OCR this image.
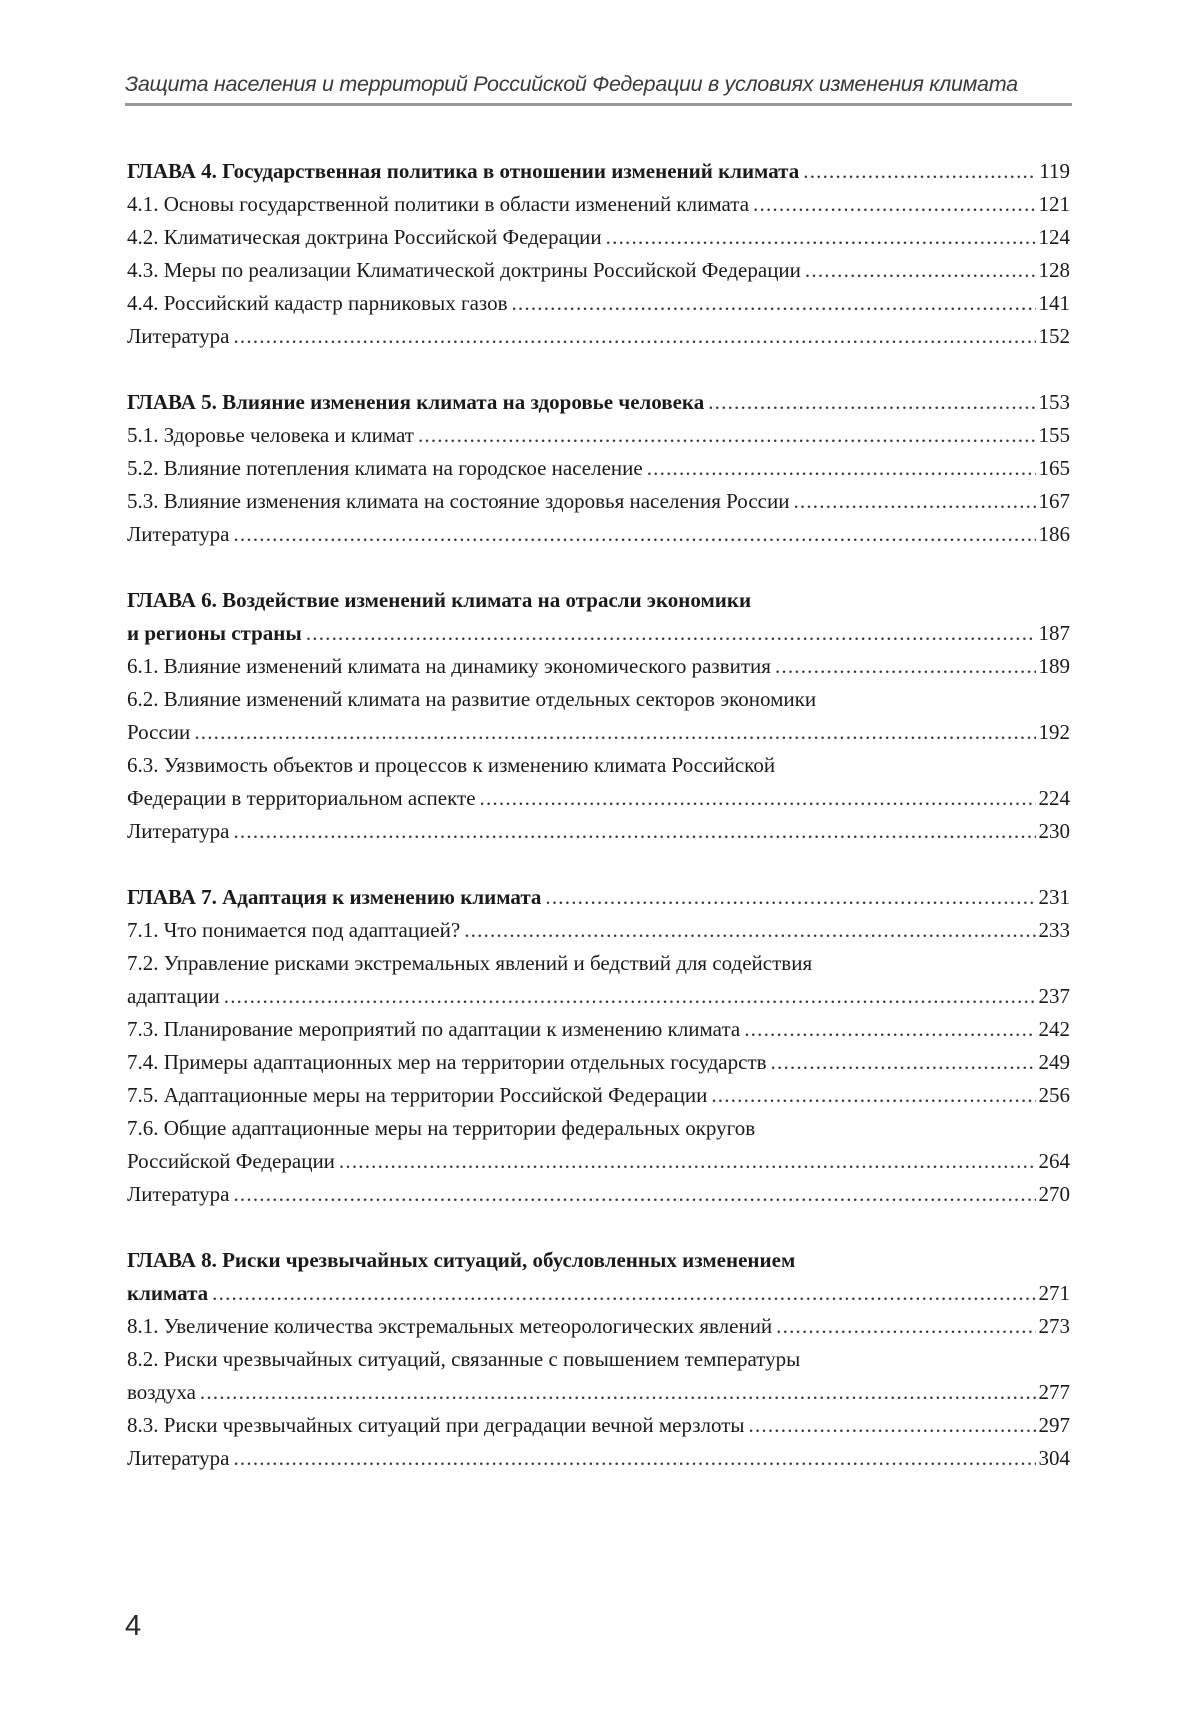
Защита населения и территорий Российской Федерации в условиях изменения климата
ГЛАВА 4. Государственная политика в отношении изменений климата .....	119
4.1. Основы государственной политики в области изменений климата .....	121
4.2. Климатическая доктрина Российской Федерации .....	124
4.3. Меры по реализации Климатической доктрины Российской Федерации .....	128
4.4. Российский кадастр парниковых газов .....	141
Литература .....	152
ГЛАВА 5. Влияние изменения климата на здоровье человека .....	153
5.1. Здоровье человека и климат .....	155
5.2. Влияние потепления климата на городское население .....	165
5.3. Влияние изменения климата на состояние здоровья населения России .....	167
Литература .....	186
ГЛАВА 6. Воздействие изменений климата на отрасли экономики
и регионы страны .....	187
6.1. Влияние изменений климата на динамику экономического развития .....	189
6.2. Влияние изменений климата на развитие отдельных секторов экономики
России .....	192
6.3. Уязвимость объектов и процессов к изменению климата Российской
Федерации в территориальном аспекте .....	224
Литература .....	230
ГЛАВА 7. Адаптация к изменению климата .....	231
7.1. Что понимается под адаптацией? .....	233
7.2. Управление рисками экстремальных явлений и бедствий для содействия
адаптации .....	237
7.3. Планирование мероприятий по адаптации к изменению климата .....	242
7.4. Примеры адаптационных мер на территории отдельных государств .....	249
7.5. Адаптационные меры на территории Российской Федерации .....	256
7.6. Общие адаптационные меры на территории федеральных округов
Российской Федерации .....	264
Литература .....	270
ГЛАВА 8. Риски чрезвычайных ситуаций, обусловленных изменением
климата .....	271
8.1. Увеличение количества экстремальных метеорологических явлений .....	273
8.2. Риски чрезвычайных ситуаций, связанные с повышением температуры
воздуха .....	277
8.3. Риски чрезвычайных ситуаций при деградации вечной мерзлоты .....	297
Литература .....	304
4
